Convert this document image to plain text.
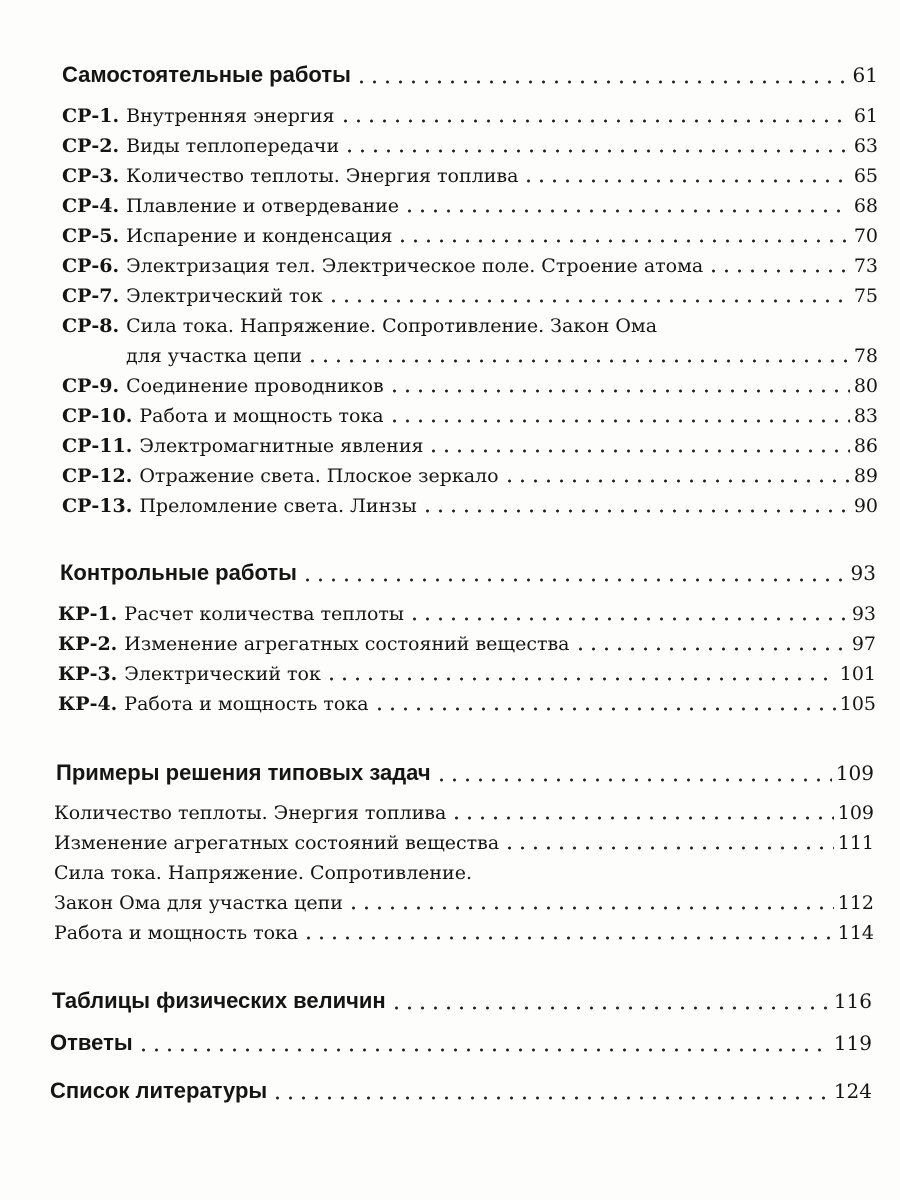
Самостоятельные работы	61
СР-1. Внутренняя энергия	61
СР-2. Виды теплопередачи	63
СР-3. Количество теплоты. Энергия топлива	65
СР-4. Плавление и отвердевание	68
СР-5. Испарение и конденсация	70
СР-6. Электризация тел. Электрическое поле. Строение атома	73
СР-7. Электрический ток	75
СР-8. Сила тока. Напряжение. Сопротивление. Закон Ома
для участка цепи	78
СР-9. Соединение проводников	80
СР-10. Работа и мощность тока	83
СР-11. Электромагнитные явления	86
СР-12. Отражение света. Плоское зеркало	89
СР-13. Преломление света. Линзы	90
Контрольные работы	93
КР-1. Расчет количества теплоты	93
КР-2. Изменение агрегатных состояний вещества	97
КР-3. Электрический ток	101
КР-4. Работа и мощность тока	105
Примеры решения типовых задач	109
Количество теплоты. Энергия топлива	109
Изменение агрегатных состояний вещества	111
Сила тока. Напряжение. Сопротивление.
Закон Ома для участка цепи	112
Работа и мощность тока	114
Таблицы физических величин	116
Ответы	119
Список литературы	124
